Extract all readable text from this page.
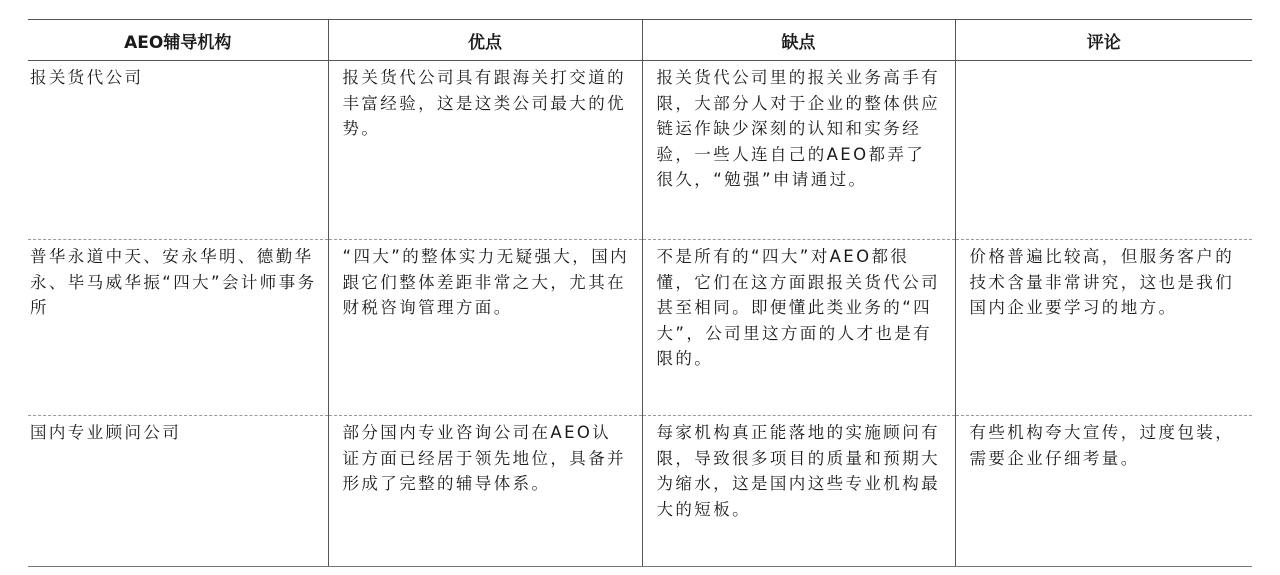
AEO辅导机构	优点	缺点	评论
报关货代公司	报关货代公司具有跟海关打交道的丰富经验，这是这类公司最大的优势。	报关货代公司里的报关业务高手有限，大部分人对于企业的整体供应链运作缺少深刻的认知和实务经验，一些人连自己的AEO都弄了很久，“勉强”申请通过。	
普华永道中天、安永华明、德勤华永、毕马威华振“四大”会计师事务所	“四大”的整体实力无疑强大，国内跟它们整体差距非常之大，尤其在财税咨询管理方面。	不是所有的“四大”对AEO都很懂，它们在这方面跟报关货代公司甚至相同。即便懂此类业务的“四大”，公司里这方面的人才也是有限的。	价格普遍比较高，但服务客户的技术含量非常讲究，这也是我们国内企业要学习的地方。
国内专业顾问公司	部分国内专业咨询公司在AEO认证方面已经居于领先地位，具备并形成了完整的辅导体系。	每家机构真正能落地的实施顾问有限，导致很多项目的质量和预期大为缩水，这是国内这些专业机构最大的短板。	有些机构夸大宣传，过度包装，需要企业仔细考量。
